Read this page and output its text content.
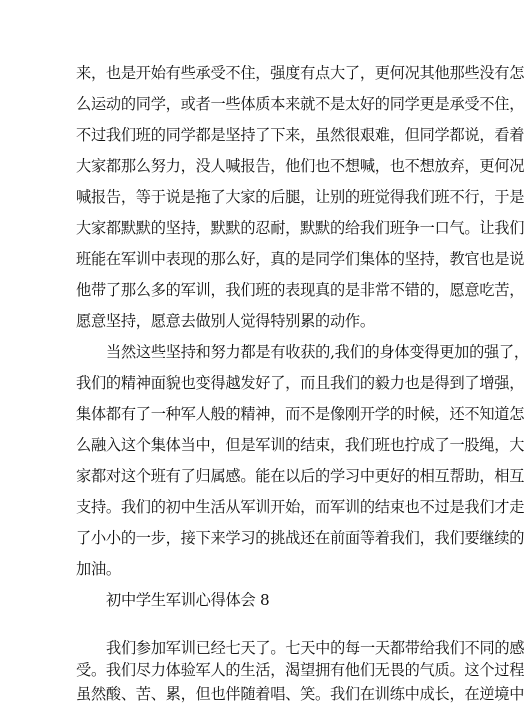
来，也是开始有些承受不住，强度有点大了，更何况其他那些没有怎
么运动的同学，或者一些体质本来就不是太好的同学更是承受不住，
不过我们班的同学都是坚持了下来，虽然很艰难，但同学都说，看着
大家都那么努力，没人喊报告，他们也不想喊，也不想放弃，更何况
喊报告，等于说是拖了大家的后腿，让别的班觉得我们班不行，于是
大家都默默的坚持，默默的忍耐，默默的给我们班争一口气。让我们
班能在军训中表现的那么好，真的是同学们集体的坚持，教官也是说
他带了那么多的军训，我们班的表现真的是非常不错的，愿意吃苦，
愿意坚持，愿意去做别人觉得特别累的动作。
当然这些坚持和努力都是有收获的,我们的身体变得更加的强了，
我们的精神面貌也变得越发好了，而且我们的毅力也是得到了增强，
集体都有了一种军人般的精神，而不是像刚开学的时候，还不知道怎
么融入这个集体当中，但是军训的结束，我们班也拧成了一股绳，大
家都对这个班有了归属感。能在以后的学习中更好的相互帮助，相互
支持。我们的初中生活从军训开始，而军训的结束也不过是我们才走
了小小的一步，接下来学习的挑战还在前面等着我们，我们要继续的
加油。
初中学生军训心得体会 8
我们参加军训已经七天了。七天中的每一天都带给我们不同的感
受。我们尽力体验军人的生活，渴望拥有他们无畏的气质。这个过程
虽然酸、苦、累，但也伴随着唱、笑。我们在训练中成长，在逆境中
